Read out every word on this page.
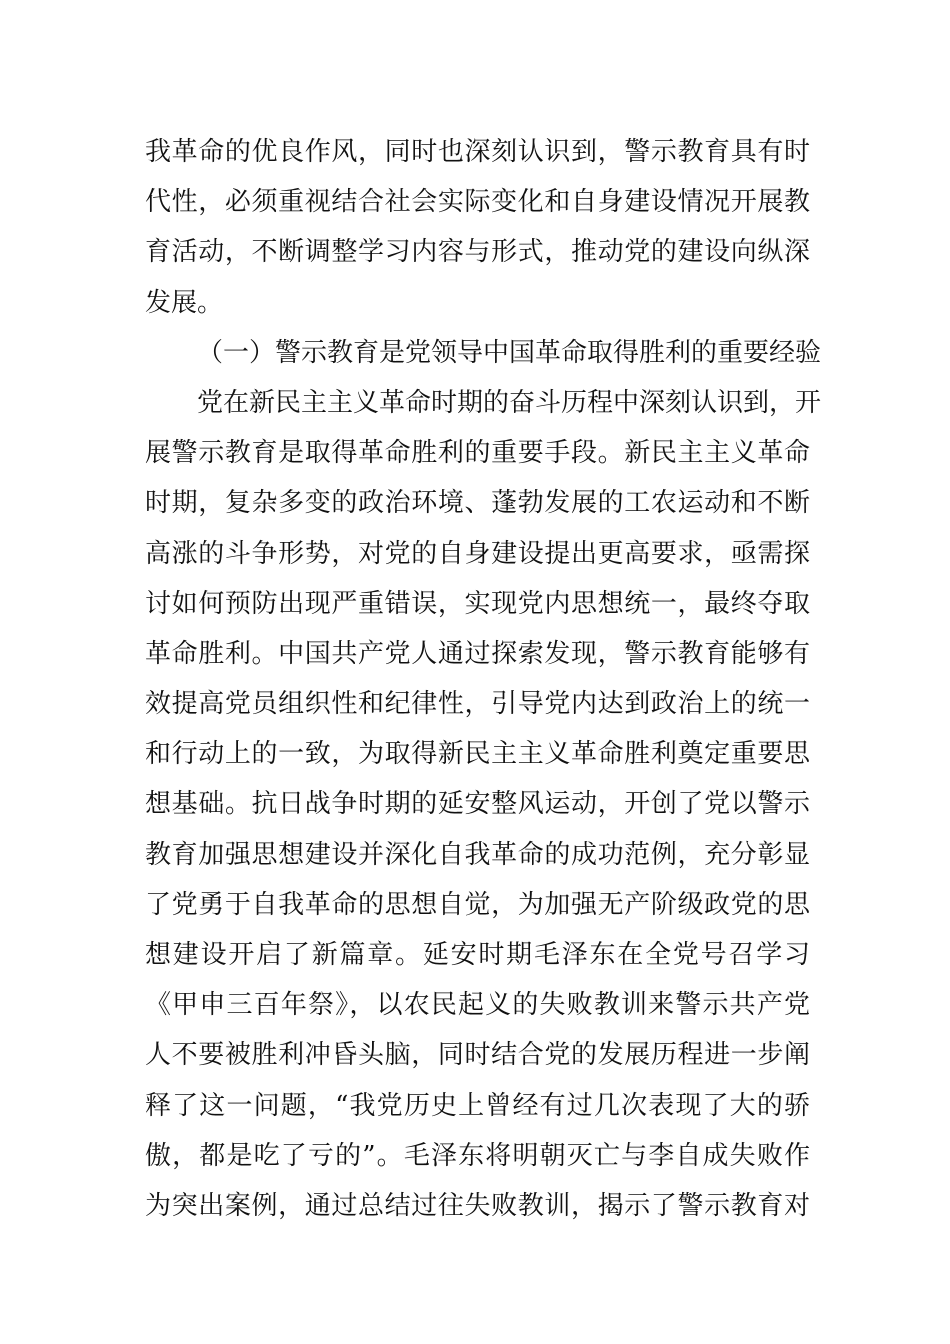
我革命的优良作风，同时也深刻认识到，警示教育具有时
代性，必须重视结合社会实际变化和自身建设情况开展教
育活动，不断调整学习内容与形式，推动党的建设向纵深
发展。
（一）警示教育是党领导中国革命取得胜利的重要经验
党在新民主主义革命时期的奋斗历程中深刻认识到，开
展警示教育是取得革命胜利的重要手段。新民主主义革命
时期，复杂多变的政治环境、蓬勃发展的工农运动和不断
高涨的斗争形势，对党的自身建设提出更高要求，亟需探
讨如何预防出现严重错误，实现党内思想统一，最终夺取
革命胜利。中国共产党人通过探索发现，警示教育能够有
效提高党员组织性和纪律性，引导党内达到政治上的统一
和行动上的一致，为取得新民主主义革命胜利奠定重要思
想基础。抗日战争时期的延安整风运动，开创了党以警示
教育加强思想建设并深化自我革命的成功范例，充分彰显
了党勇于自我革命的思想自觉，为加强无产阶级政党的思
想建设开启了新篇章。延安时期毛泽东在全党号召学习
《甲申三百年祭》，以农民起义的失败教训来警示共产党
人不要被胜利冲昏头脑，同时结合党的发展历程进一步阐
释了这一问题，“我党历史上曾经有过几次表现了大的骄
傲，都是吃了亏的”。毛泽东将明朝灭亡与李自成失败作
为突出案例，通过总结过往失败教训，揭示了警示教育对
